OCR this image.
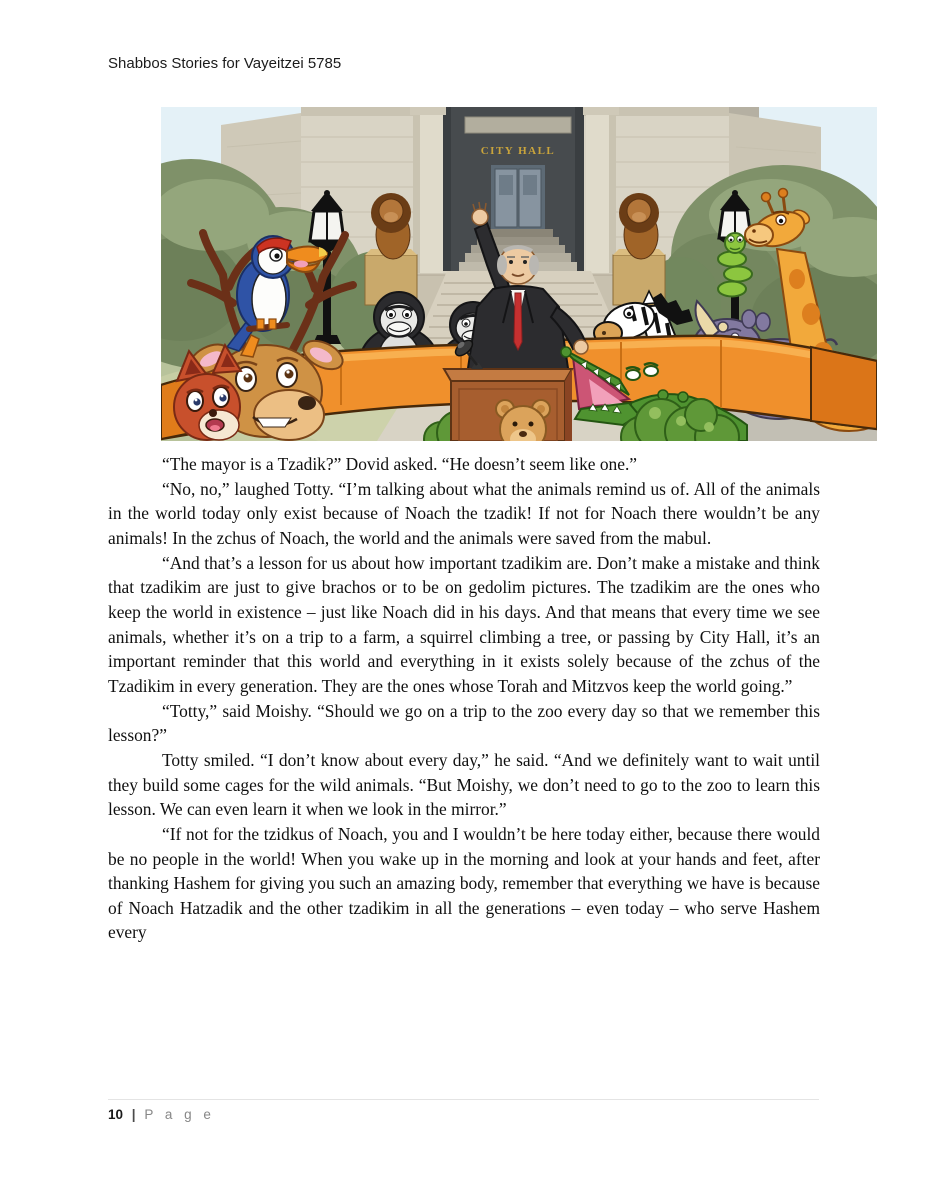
Shabbos Stories for Vayeitzei 5785
CITY HALL

“The mayor is a Tzadik?” Dovid asked. “He doesn’t seem like one.”

“No, no,” laughed Totty. “I’m talking about what the animals remind us of. All of the animals in the world today only exist because of Noach the tzadik! If not for Noach there wouldn’t be any animals! In the zchus of Noach, the world and the animals were saved from the mabul.

“And that’s a lesson for us about how important tzadikim are. Don’t make a mistake and think that tzadikim are just to give brachos or to be on gedolim pictures. The tzadikim are the ones who keep the world in existence – just like Noach did in his days. And that means that every time we see animals, whether it’s on a trip to a farm, a squirrel climbing a tree, or passing by City Hall, it’s an important reminder that this world and everything in it exists solely because of the zchus of the Tzadikim in every generation. They are the ones whose Torah and Mitzvos keep the world going.”

“Totty,” said Moishy. “Should we go on a trip to the zoo every day so that we remember this lesson?”

Totty smiled. “I don’t know about every day,” he said. “And we definitely want to wait until they build some cages for the wild animals. “But Moishy, we don’t need to go to the zoo to learn this lesson. We can even learn it when we look in the mirror.”

“If not for the tzidkus of Noach, you and I wouldn’t be here today either, because there would be no people in the world! When you wake up in the morning and look at your hands and feet, after thanking Hashem for giving you such an amazing body, remember that everything we have is because of Noach Hatzadik and the other tzadikim in all the generations – even today – who serve Hashem every

10 | P a g e
